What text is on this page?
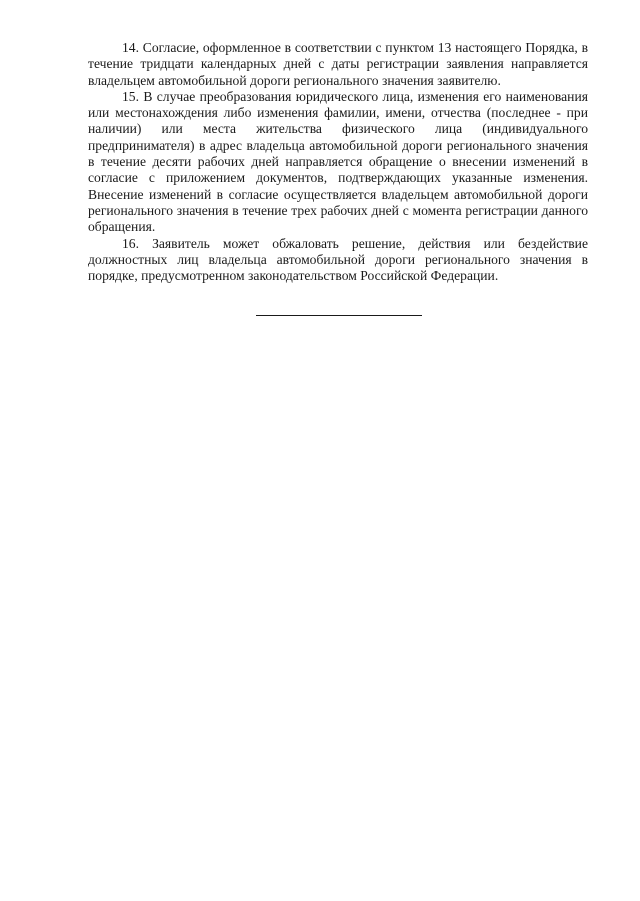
14. Согласие, оформленное в соответствии с пунктом 13 настоящего Порядка, в течение тридцати календарных дней с даты регистрации заявления направляется владельцем автомобильной дороги регионального значения заявителю.

15. В случае преобразования юридического лица, изменения его наименования или местонахождения либо изменения фамилии, имени, отчества (последнее - при наличии) или места жительства физического лица (индивидуального предпринимателя) в адрес владельца автомобильной дороги регионального значения в течение десяти рабочих дней направляется обращение о внесении изменений в согласие с приложением документов, подтверждающих указанные изменения. Внесение изменений в согласие осуществляется владельцем автомобильной дороги регионального значения в течение трех рабочих дней с момента регистрации данного обращения.

16. Заявитель может обжаловать решение, действия или бездействие должностных лиц владельца автомобильной дороги регионального значения в порядке, предусмотренном законодательством Российской Федерации.
